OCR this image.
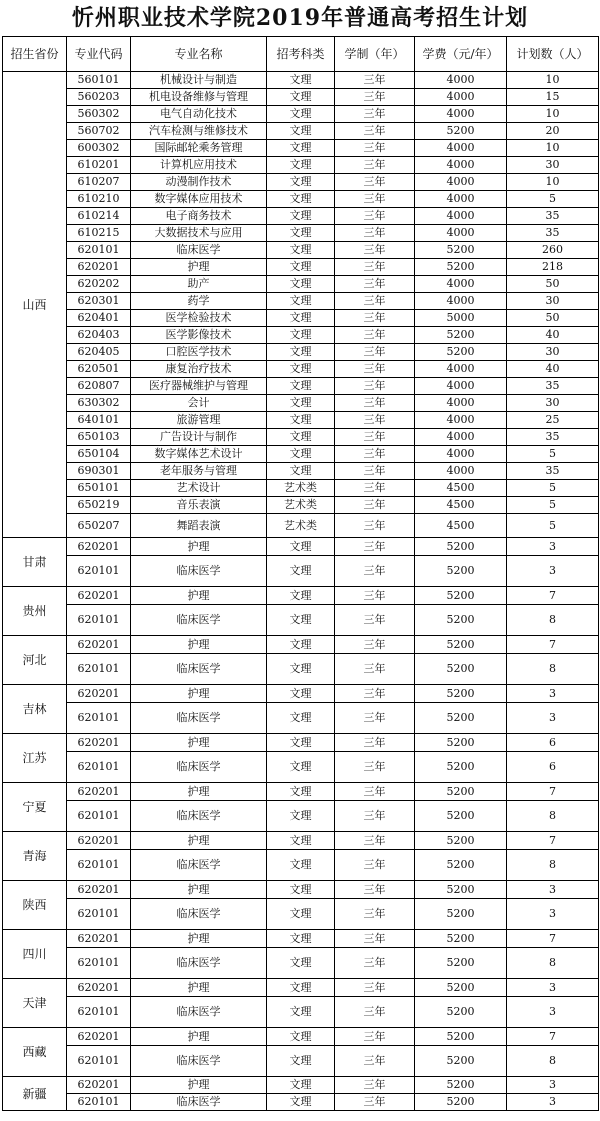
忻州职业技术学院2019年普通高考招生计划
招生省份	专业代码	专业名称	招考科类	学制（年）	学费（元/年）	计划数（人）
山西	560101	机械设计与制造	文理	三年	4000	10
	560203	机电设备维修与管理	文理	三年	4000	15
	560302	电气自动化技术	文理	三年	4000	10
	560702	汽车检测与维修技术	文理	三年	5200	20
	600302	国际邮轮乘务管理	文理	三年	4000	10
	610201	计算机应用技术	文理	三年	4000	30
	610207	动漫制作技术	文理	三年	4000	10
	610210	数字媒体应用技术	文理	三年	4000	5
	610214	电子商务技术	文理	三年	4000	35
	610215	大数据技术与应用	文理	三年	4000	35
	620101	临床医学	文理	三年	5200	260
	620201	护理	文理	三年	5200	218
	620202	助产	文理	三年	4000	50
	620301	药学	文理	三年	4000	30
	620401	医学检验技术	文理	三年	5000	50
	620403	医学影像技术	文理	三年	5200	40
	620405	口腔医学技术	文理	三年	5200	30
	620501	康复治疗技术	文理	三年	4000	40
	620807	医疗器械维护与管理	文理	三年	4000	35
	630302	会计	文理	三年	4000	30
	640101	旅游管理	文理	三年	4000	25
	650103	广告设计与制作	文理	三年	4000	35
	650104	数字媒体艺术设计	文理	三年	4000	5
	690301	老年服务与管理	文理	三年	4000	35
	650101	艺术设计	艺术类	三年	4500	5
	650219	音乐表演	艺术类	三年	4500	5
	650207	舞蹈表演	艺术类	三年	4500	5
甘肃	620201	护理	文理	三年	5200	3
	620101	临床医学	文理	三年	5200	3
贵州	620201	护理	文理	三年	5200	7
	620101	临床医学	文理	三年	5200	8
河北	620201	护理	文理	三年	5200	7
	620101	临床医学	文理	三年	5200	8
吉林	620201	护理	文理	三年	5200	3
	620101	临床医学	文理	三年	5200	3
江苏	620201	护理	文理	三年	5200	6
	620101	临床医学	文理	三年	5200	6
宁夏	620201	护理	文理	三年	5200	7
	620101	临床医学	文理	三年	5200	8
青海	620201	护理	文理	三年	5200	7
	620101	临床医学	文理	三年	5200	8
陕西	620201	护理	文理	三年	5200	3
	620101	临床医学	文理	三年	5200	3
四川	620201	护理	文理	三年	5200	7
	620101	临床医学	文理	三年	5200	8
天津	620201	护理	文理	三年	5200	3
	620101	临床医学	文理	三年	5200	3
西藏	620201	护理	文理	三年	5200	7
	620101	临床医学	文理	三年	5200	8
新疆	620201	护理	文理	三年	5200	3
	620101	临床医学	文理	三年	5200	3
